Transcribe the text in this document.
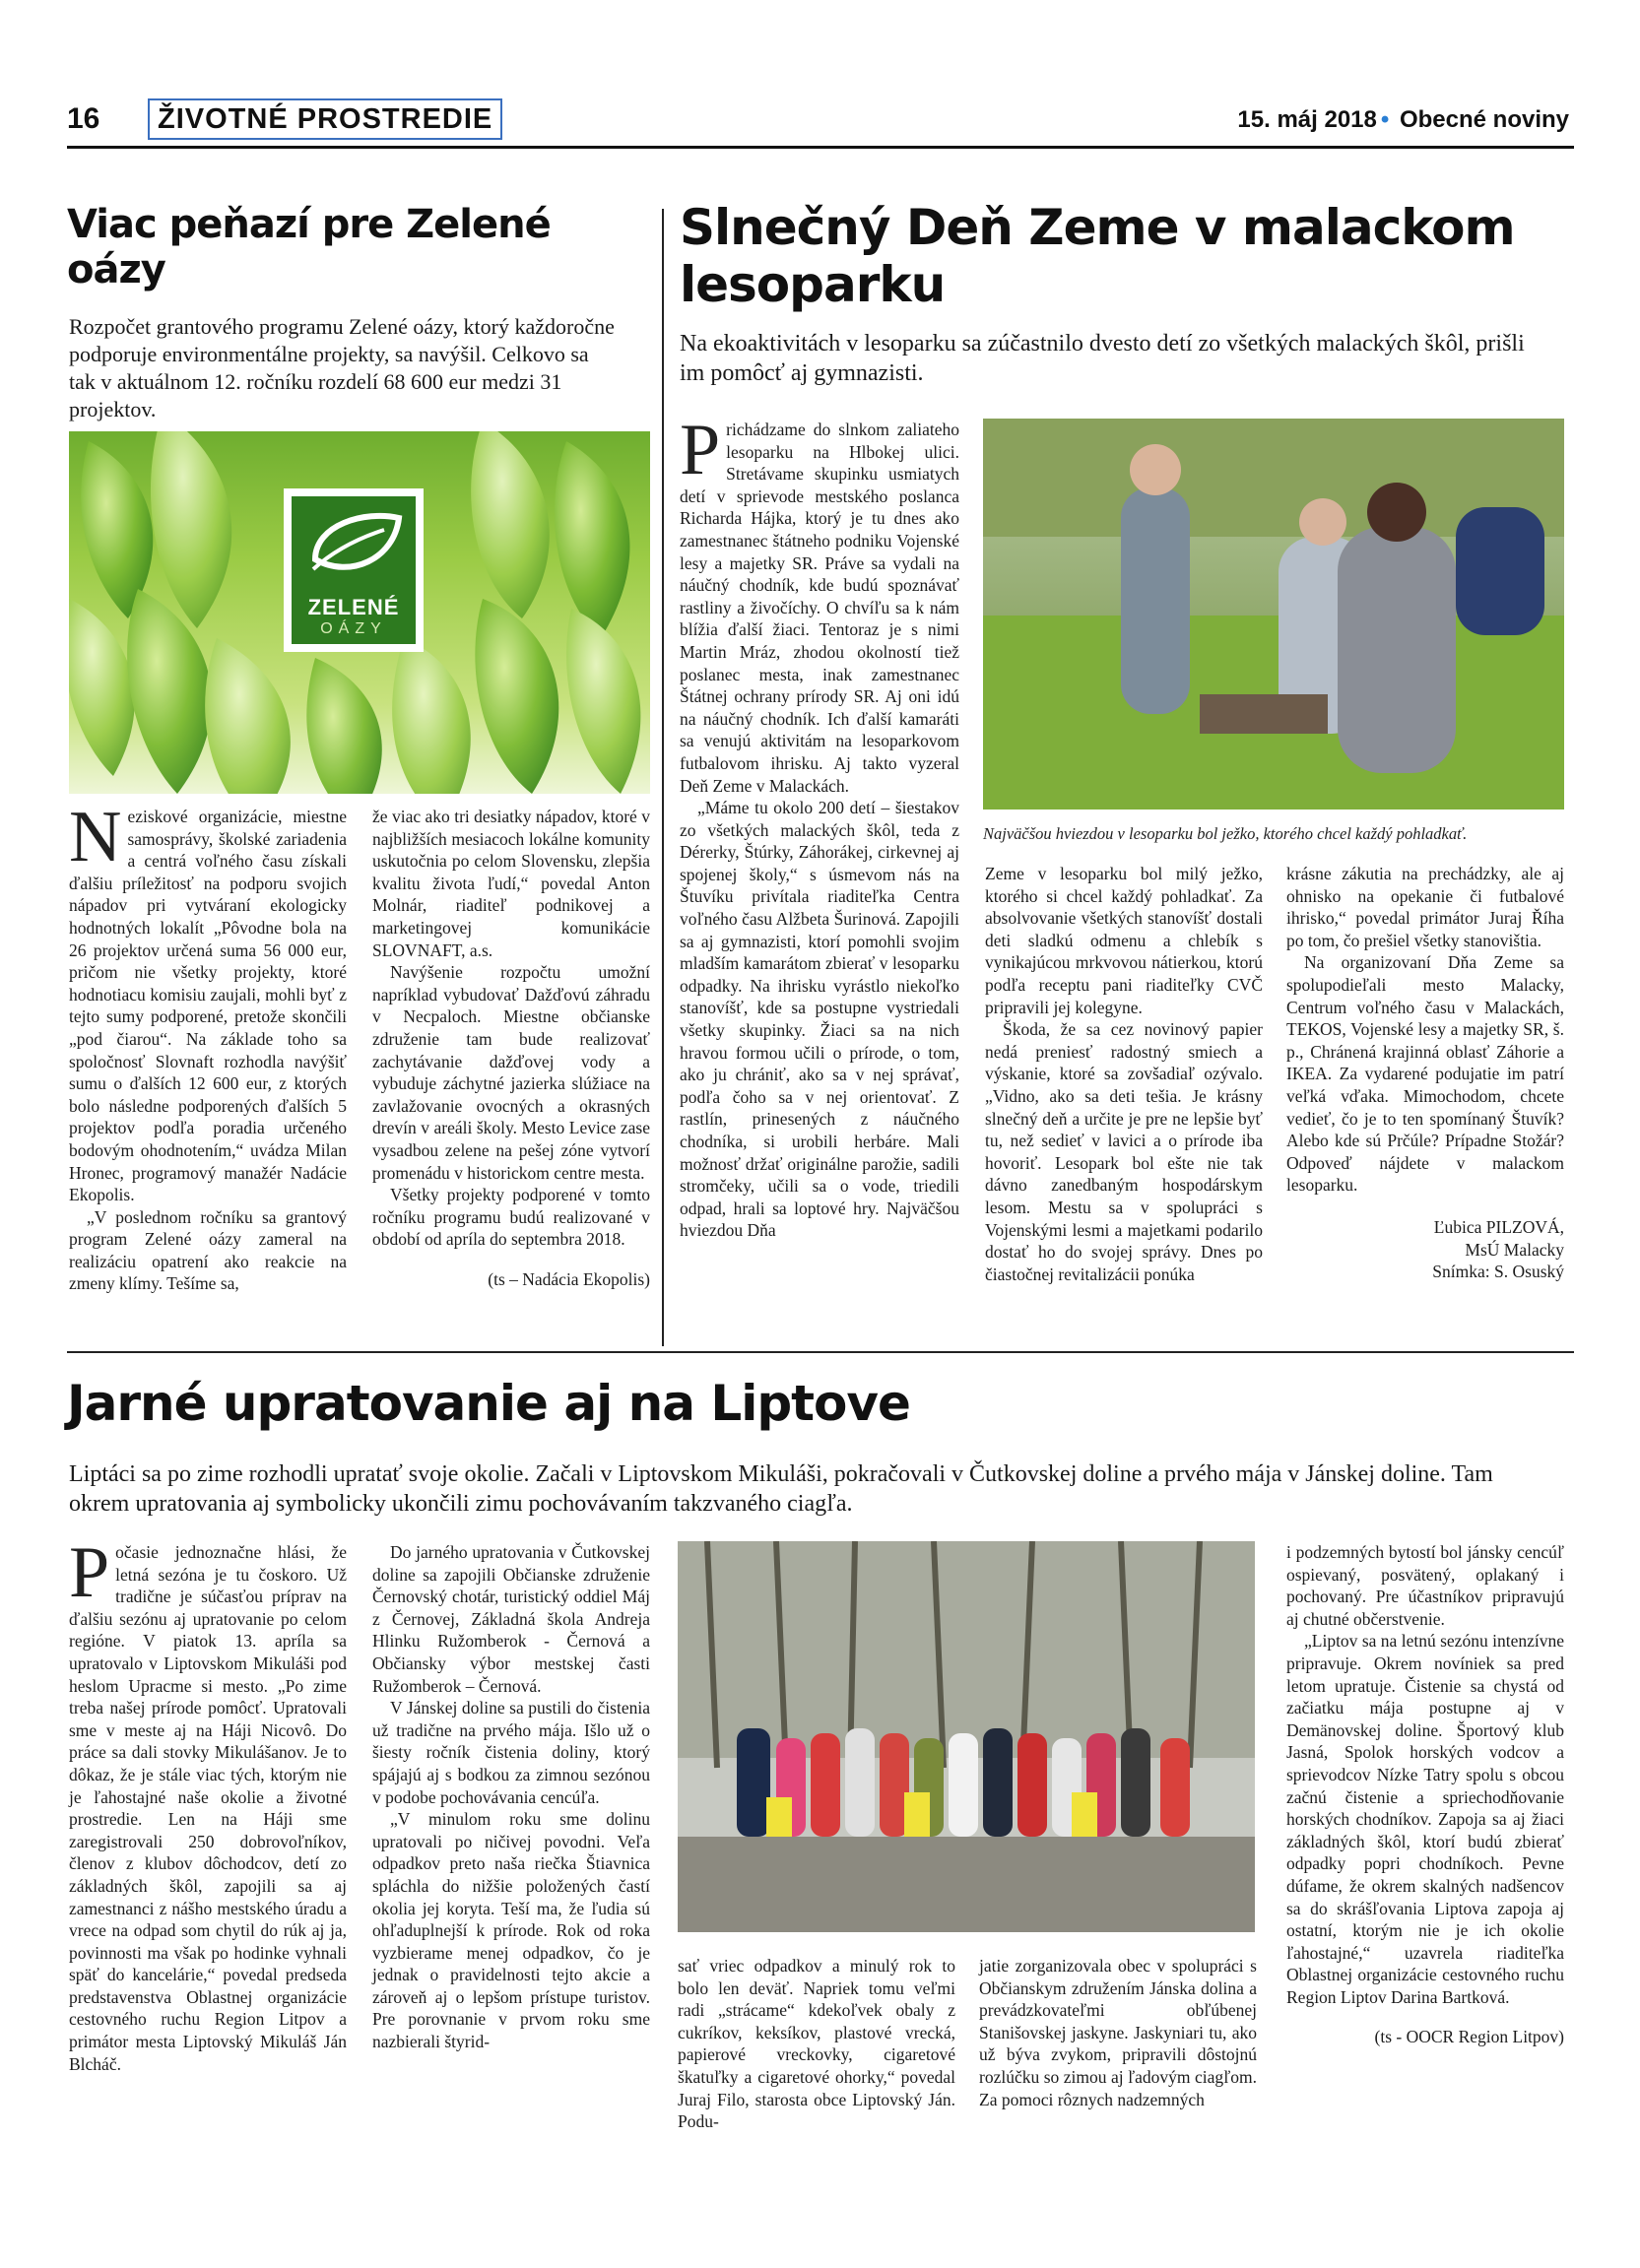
16	ŽIVOTNÉ PROSTREDIE	15. máj 2018 • Obecné noviny
Viac peňazí pre Zelené oázy

Rozpočet grantového programu Zelené oázy, ktorý každoročne podporuje environmentálne projekty, sa navýšil. Celkovo sa tak v aktuálnom 12. ročníku rozdelí 68 600 eur medzi 31 projektov.

ZELENÉ
OÁZY
N eziskové organizácie, miestne samosprávy, školské zariadenia a centrá voľného času získali ďalšiu príležitosť na podporu svojich nápadov pri vytváraní ekologicky hodnotných lokalít „Pôvodne bola na 26 projektov určená suma 56 000 eur, pričom nie všetky projekty, ktoré hodnotiacu komisiu zaujali, mohli byť z tejto sumy podporené, pretože skončili „pod čiarou“. Na základe toho sa spoločnosť Slovnaft rozhodla navýšiť sumu o ďalších 12 600 eur, z ktorých bolo následne podporených ďalších 5 projektov podľa poradia určeného bodovým ohodnotením,“ uvádza Milan Hronec, programový manažér Nadácie Ekopolis.

„V poslednom ročníku sa grantový program Zelené oázy zameral na realizáciu opatrení ako reakcie na zmeny klímy. Tešíme sa,

že viac ako tri desiatky nápadov, ktoré v najbližších mesiacoch lokálne komunity uskutočnia po celom Slovensku, zlepšia kvalitu života ľudí,“ povedal Anton Molnár, riaditeľ podnikovej a marketingovej komunikácie SLOVNAFT, a.s.

Navýšenie rozpočtu umožní napríklad vybudovať Dažďovú záhradu v Necpaloch. Miestne občianske združenie tam bude realizovať zachytávanie dažďovej vody a vybuduje záchytné jazierka slúžiace na zavlažovanie ovocných a okrasných drevín v areáli školy. Mesto Levice zase vysadbou zelene na pešej zóne vytvorí promenádu v historickom centre mesta.

Všetky projekty podporené v tomto ročníku programu budú realizované v období od apríla do septembra 2018.

(ts – Nadácia Ekopolis)
Slnečný Deň Zeme v malackom lesoparku

Na ekoaktivitách v lesoparku sa zúčastnilo dvesto detí zo všetkých malackých škôl, prišli im pomôcť aj gymnazisti.

P richádzame do slnkom zaliateho lesoparku na Hlbokej ulici. Stretávame skupinku usmiatych detí v sprievode mestského poslanca Richarda Hájka, ktorý je tu dnes ako zamestnanec štátneho podniku Vojenské lesy a majetky SR. Práve sa vydali na náučný chodník, kde budú spoznávať rastliny a živočíchy. O chvíľu sa k nám blížia ďalší žiaci. Tentoraz je s nimi Martin Mráz, zhodou okolností tiež poslanec mesta, inak zamestnanec Štátnej ochrany prírody SR. Aj oni idú na náučný chodník. Ich ďalší kamaráti sa venujú aktivitám na lesoparkovom futbalovom ihrisku. Aj takto vyzeral Deň Zeme v Malackách.

„Máme tu okolo 200 detí – šiestakov zo všetkých malackých škôl, teda z Dérerky, Štúrky, Záhorákej, cirkevnej aj spojenej školy,“ s úsmevom nás na Štuvíku privítala riaditeľka Centra voľného času Alžbeta Šurinová. Zapojili sa aj gymnazisti, ktorí pomohli svojim mladším kamarátom zbierať v lesoparku odpadky. Na ihrisku vyrástlo niekoľko stanovíšť, kde sa postupne vystriedali všetky skupinky. Žiaci sa na nich hravou formou učili o prírode, o tom, ako ju chrániť, ako sa v nej správať, podľa čoho sa v nej orientovať. Z rastlín, prinesených z náučného chodníka, si urobili herbáre. Mali možnosť držať originálne parožie, sadili stromčeky, učili sa o vode, triedili odpad, hrali sa loptové hry. Najväčšou hviezdou Dňa

Najväčšou hviezdou v lesoparku bol ježko, ktorého chcel každý pohladkať.

Zeme v lesoparku bol milý ježko, ktorého si chcel každý pohladkať. Za absolvovanie všetkých stanovíšť dostali deti sladkú odmenu a chlebík s vynikajúcou mrkvovou nátierkou, ktorú podľa receptu pani riaditeľky CVČ pripravili jej kolegyne.

Škoda, že sa cez novinový papier nedá preniesť radostný smiech a výskanie, ktoré sa zovšadiaľ ozývalo. „Vidno, ako sa deti tešia. Je krásny slnečný deň a určite je pre ne lepšie byť tu, než sedieť v lavici a o prírode iba hovoriť. Lesopark bol ešte nie tak dávno zanedbaným hospodárskym lesom. Mestu sa v spolupráci s Vojenskými lesmi a majetkami podarilo dostať ho do svojej správy. Dnes po čiastočnej revitalizácii ponúka

krásne zákutia na prechádzky, ale aj ohnisko na opekanie či futbalové ihrisko,“ povedal primátor Juraj Říha po tom, čo prešiel všetky stanovištia.

Na organizovaní Dňa Zeme sa spolupodieľali mesto Malacky, Centrum voľného času v Malackách, TEKOS, Vojenské lesy a majetky SR, š. p., Chránená krajinná oblasť Záhorie a IKEA. Za vydarené podujatie im patrí veľká vďaka. Mimochodom, chcete vedieť, čo je to ten spomínaný Štuvík? Alebo kde sú Prčúle? Prípadne Stožár? Odpoveď nájdete v malackom lesoparku.

Ľubica PILZOVÁ,
MsÚ Malacky
Snímka: S. Osuský
Jarné upratovanie aj na Liptove

Liptáci sa po zime rozhodli upratať svoje okolie. Začali v Liptovskom Mikuláši, pokračovali v Čutkovskej doline a prvého mája v Jánskej doline. Tam okrem upratovania aj symbolicky ukončili zimu pochovávaním takzvaného ciagľa.

P očasie jednoznačne hlási, že letná sezóna je tu čoskoro. Už tradične je súčasťou príprav na ďalšiu sezónu aj upratovanie po celom regióne. V piatok 13. apríla sa upratovalo v Liptovskom Mikuláši pod heslom Upracme si mesto. „Po zime treba našej prírode pomôcť. Upratovali sme v meste aj na Háji Nicovô. Do práce sa dali stovky Mikulášanov. Je to dôkaz, že je stále viac tých, ktorým nie je ľahostajné naše okolie a životné prostredie. Len na Háji sme zaregistrovali 250 dobrovoľníkov, členov z klubov dôchodcov, detí zo základných škôl, zapojili sa aj zamestnanci z nášho mestského úradu a vrece na odpad som chytil do rúk aj ja, povinnosti ma však po hodinke vyhnali späť do kancelárie,“ povedal predseda predstavenstva Oblastnej organizácie cestovného ruchu Region Litpov a primátor mesta Liptovský Mikuláš Ján Blcháč.

Do jarného upratovania v Čutkovskej doline sa zapojili Občianske združenie Černovský chotár, turistický oddiel Máj z Černovej, Základná škola Andreja Hlinku Ružomberok - Černová a Občiansky výbor mestskej časti Ružomberok – Černová.

V Jánskej doline sa pustili do čistenia už tradične na prvého mája. Išlo už o šiesty ročník čistenia doliny, ktorý spájajú aj s bodkou za zimnou sezónou v podobe pochovávania cencúľa.

„V minulom roku sme dolinu upratovali po ničivej povodni. Veľa odpadkov preto naša riečka Štiavnica spláchla do nižšie položených častí okolia jej koryta. Teší ma, že ľudia sú ohľaduplnejší k prírode. Rok od roka vyzbierame menej odpadkov, čo je jednak o pravidelnosti tejto akcie a zároveň aj o lepšom prístupe turistov. Pre porovnanie v prvom roku sme nazbierali štyrid-

sať vriec odpadkov a minulý rok to bolo len deväť. Napriek tomu veľmi radi „strácame“ kdekoľvek obaly z cukríkov, keksíkov, plastové vrecká, papierové vreckovky, cigaretové škatuľky a cigaretové ohorky,“ povedal Juraj Filo, starosta obce Liptovský Ján. Podu-

jatie zorganizovala obec v spolupráci s Občianskym združením Jánska dolina a prevádzkovateľmi obľúbenej Stanišovskej jaskyne. Jaskyniari tu, ako už býva zvykom, pripravili dôstojnú rozlúčku so zimou aj ľadovým ciagľom. Za pomoci rôznych nadzemných

i podzemných bytostí bol jánsky cencúľ ospievaný, posvätený, oplakaný i pochovaný. Pre účastníkov pripravujú aj chutné občerstvenie.

„Liptov sa na letnú sezónu intenzívne pripravuje. Okrem novíniek sa pred letom upratuje. Čistenie sa chystá od začiatku mája postupne aj v Demänovskej doline. Športový klub Jasná, Spolok horských vodcov a sprievodcov Nízke Tatry spolu s obcou začnú čistenie a spriechodňovanie horských chodníkov. Zapoja sa aj žiaci základných škôl, ktorí budú zbierať odpadky popri chodníkoch. Pevne dúfame, že okrem skalných nadšencov sa do skrášľovania Liptova zapoja aj ostatní, ktorým nie je ich okolie ľahostajné,“ uzavrela riaditeľka Oblastnej organizácie cestovného ruchu Region Liptov Darina Bartková.

(ts - OOCR Region Litpov)
